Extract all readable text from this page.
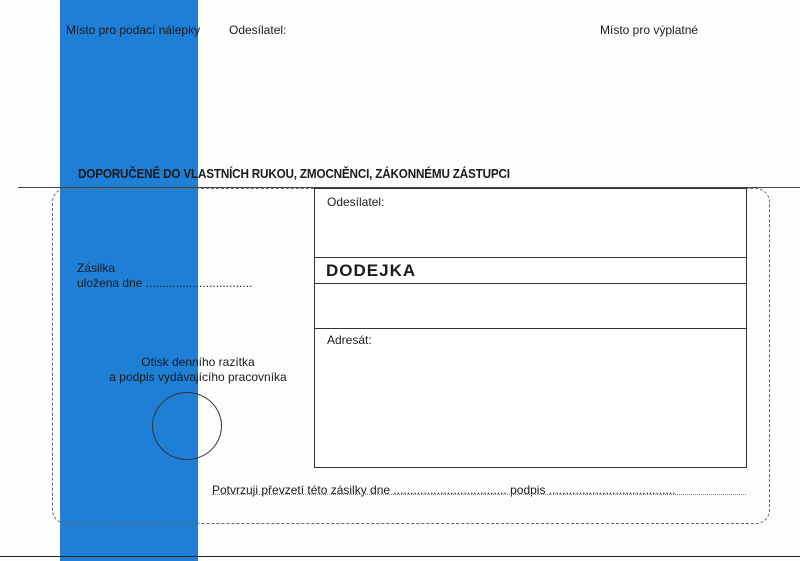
Místo pro podací nálepky Odesílatel:	Místo pro výplatné
DOPORUČENĚ DO VLASTNÍCH RUKOU, ZMOCNĚNCI, ZÁKONNÉMU ZÁSTUPCI
Zásilka
uložena dne ................................
Otisk denního razítka
a podpis vydávajícího pracovníka
Odesílatel:
DODEJKA
Adresát:
Potvrzuji převzetí této zásilky dne .................................. podpis ......................................
